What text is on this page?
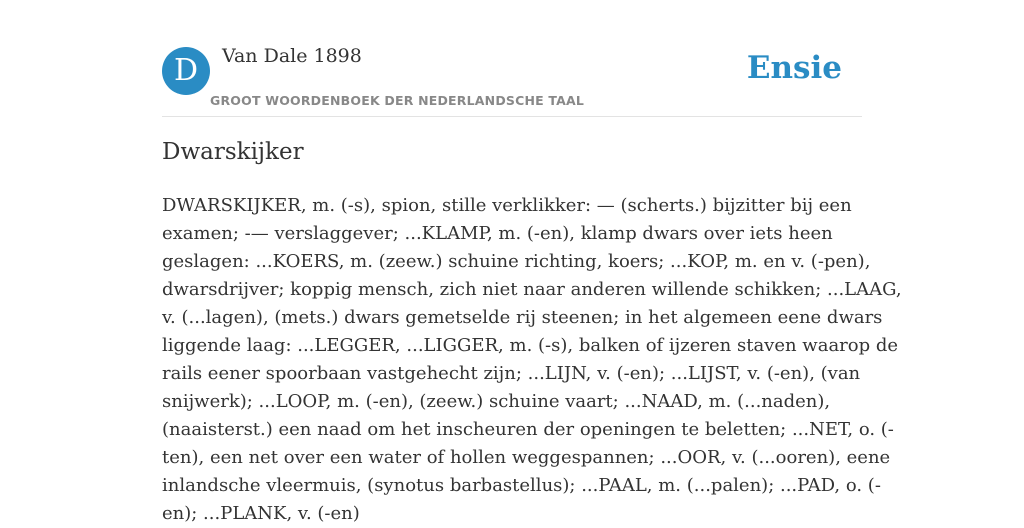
D	Van Dale 1898
GROOT WOORDENBOEK DER NEDERLANDSCHE TAAL
Ensie
Dwarskijker
DWARSKIJKER, m. (-s), spion, stille verklikker: — (scherts.) bijzitter bij een
examen; -— verslaggever; ...KLAMP, m. (-en), klamp dwars over iets heen
geslagen: ...KOERS, m. (zeew.) schuine richting, koers; ...KOP, m. en v. (-pen),
dwarsdrijver; koppig mensch, zich niet naar anderen willende schikken; ...LAAG,
v. (...lagen), (mets.) dwars gemetselde rij steenen; in het algemeen eene dwars
liggende laag: ...LEGGER, ...LIGGER, m. (-s), balken of ijzeren staven waarop de
rails eener spoorbaan vastgehecht zijn; ...LIJN, v. (-en); ...LIJST, v. (-en), (van
snijwerk); ...LOOP, m. (-en), (zeew.) schuine vaart; ...NAAD, m. (...naden),
(naaisterst.) een naad om het inscheuren der openingen te beletten; ...NET, o. (-
ten), een net over een water of hollen weggespannen; ...OOR, v. (...ooren), eene
inlandsche vleermuis, (synotus barbastellus); ...PAAL, m. (...palen); ...PAD, o. (-
en); ...PLANK, v. (-en)
